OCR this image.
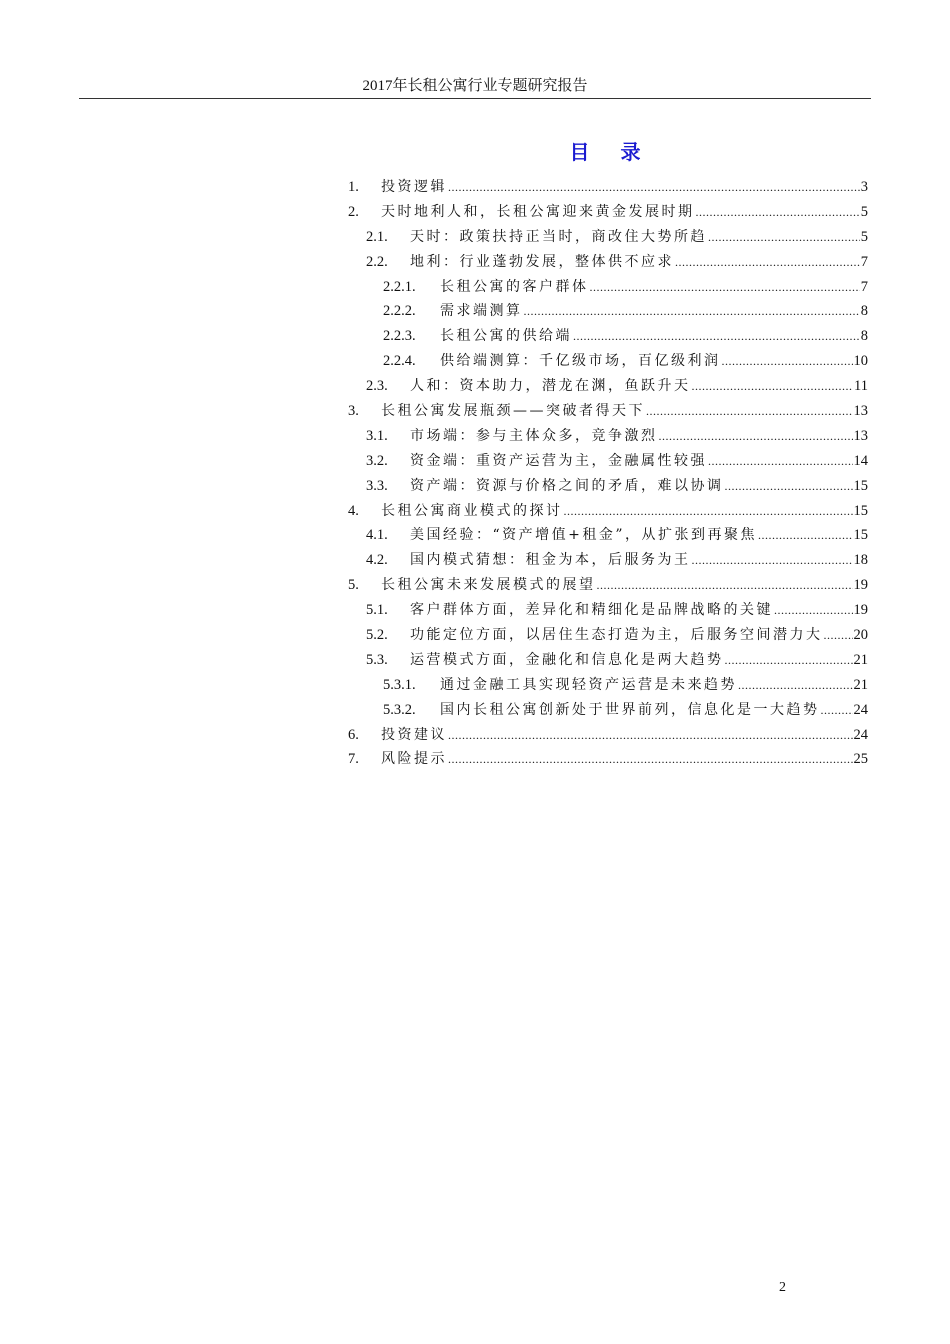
2017年长租公寓行业专题研究报告
目 录
1.	投资逻辑 .....	3
2.	天时地利人和，长租公寓迎来黄金发展时期 .....	5
2.1.	天时：政策扶持正当时，商改住大势所趋 .....	5
2.2.	地利：行业蓬勃发展，整体供不应求 .....	7
2.2.1.	长租公寓的客户群体 .....	7
2.2.2.	需求端测算 .....	8
2.2.3.	长租公寓的供给端 .....	8
2.2.4.	供给端测算：千亿级市场，百亿级利润 .....	10
2.3.	人和：资本助力，潜龙在渊，鱼跃升天 .....	11
3.	长租公寓发展瓶颈——突破者得天下 .....	13
3.1.	市场端：参与主体众多，竞争激烈 .....	13
3.2.	资金端：重资产运营为主，金融属性较强 .....	14
3.3.	资产端：资源与价格之间的矛盾，难以协调 .....	15
4.	长租公寓商业模式的探讨 .....	15
4.1.	美国经验：“资产增值+租金”，从扩张到再聚焦 .....	15
4.2.	国内模式猜想：租金为本，后服务为王 .....	18
5.	长租公寓未来发展模式的展望 .....	19
5.1.	客户群体方面，差异化和精细化是品牌战略的关键 .....	19
5.2.	功能定位方面，以居住生态打造为主，后服务空间潜力大 ..... 20
5.3.	运营模式方面，金融化和信息化是两大趋势 .....	21
5.3.1.	通过金融工具实现轻资产运营是未来趋势 .....	21
5.3.2.	国内长租公寓创新处于世界前列，信息化是一大趋势 ..... 24
6.	投资建议 .....	24
7.	风险提示 .....	25
2
